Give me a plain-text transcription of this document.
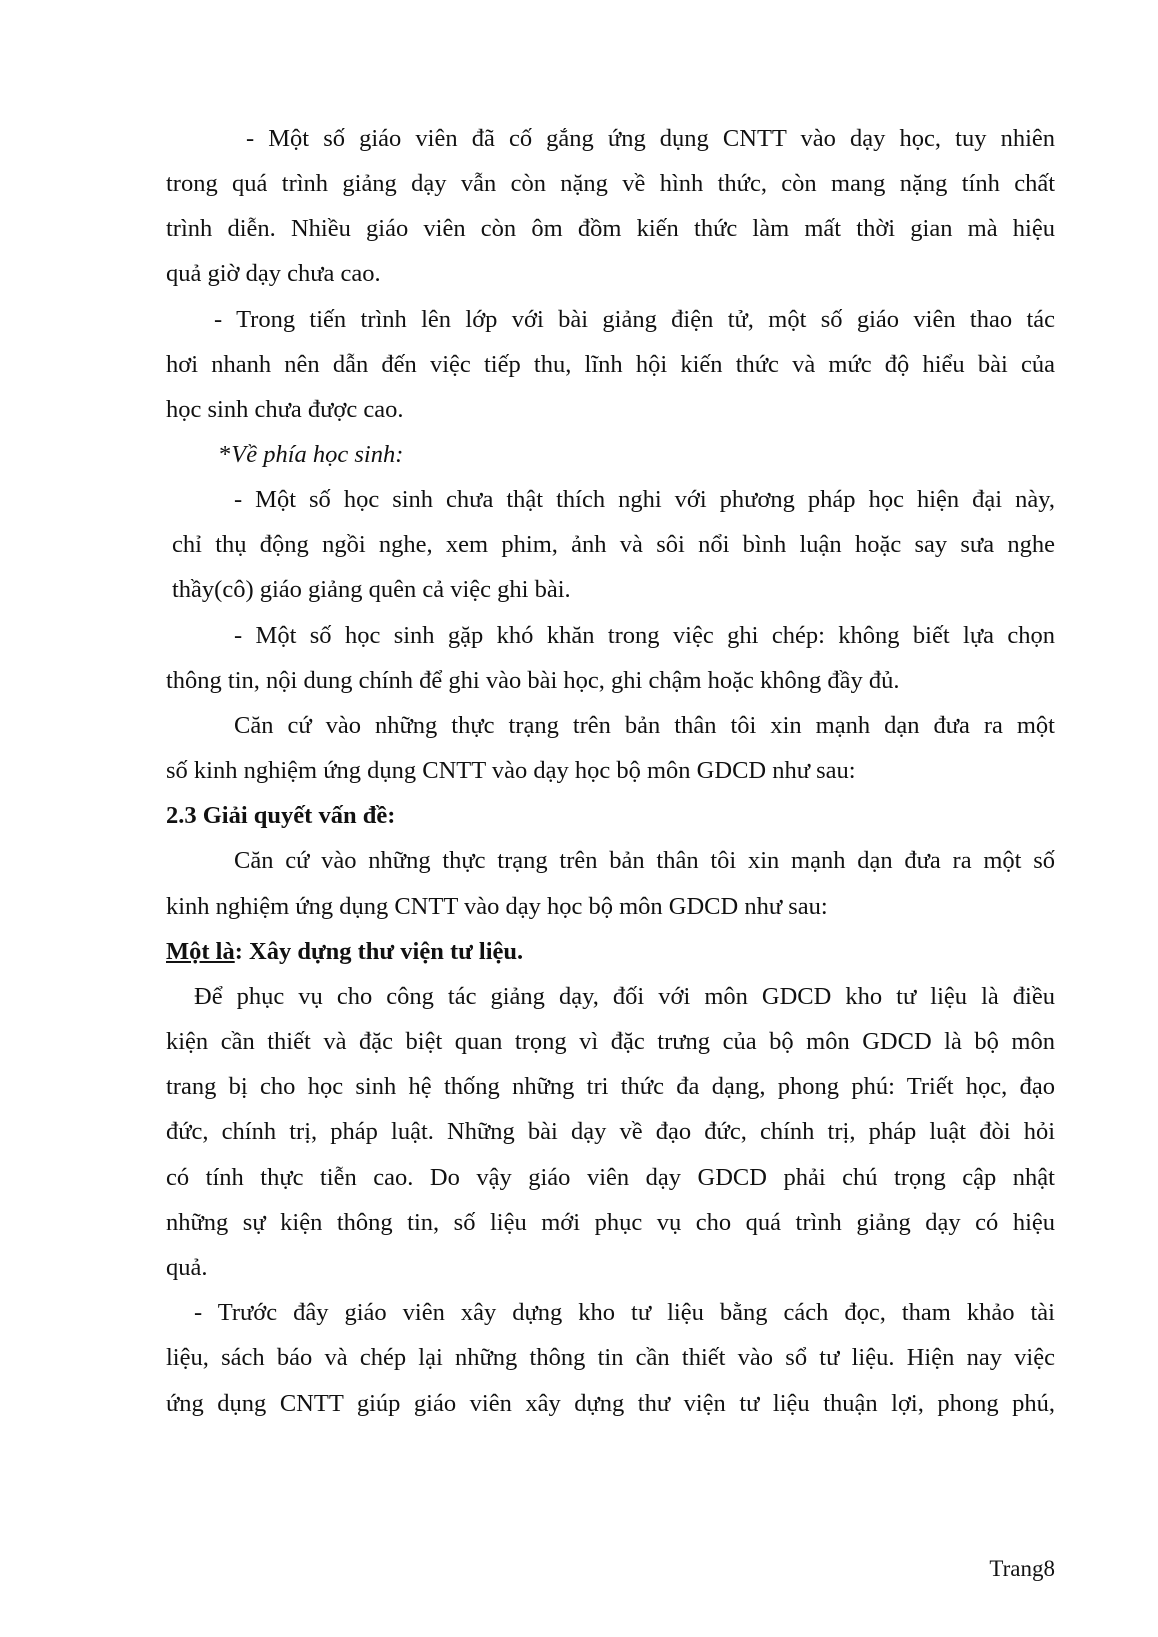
- Một số giáo viên đã cố gắng ứng dụng CNTT vào dạy học, tuy nhiên
trong quá trình giảng dạy vẫn còn nặng về hình thức, còn mang nặng tính chất
trình diễn. Nhiều giáo viên còn ôm đồm kiến thức làm mất thời gian mà hiệu
quả giờ dạy chưa cao.
- Trong tiến trình lên lớp với bài giảng điện tử, một số giáo viên thao tác
hơi nhanh nên dẫn đến việc tiếp thu, lĩnh hội kiến thức và mức độ hiểu bài của
học sinh chưa được cao.
*Về phía học sinh:
- Một số học sinh chưa thật thích nghi với phương pháp học hiện đại này,
chỉ thụ động ngồi nghe, xem phim, ảnh và sôi nổi bình luận hoặc say sưa nghe
thầy(cô) giáo giảng quên cả việc ghi bài.
- Một số học sinh gặp khó khăn trong việc ghi chép: không biết lựa chọn
thông tin, nội dung chính để ghi vào bài học, ghi chậm hoặc không đầy đủ.
Căn cứ vào những thực trạng trên bản thân tôi xin mạnh dạn đưa ra một
số kinh nghiệm ứng dụng CNTT vào dạy học bộ môn GDCD như sau:
2.3 Giải quyết vấn đề:
Căn cứ vào những thực trạng trên bản thân tôi xin mạnh dạn đưa ra một số
kinh nghiệm ứng dụng CNTT vào dạy học bộ môn GDCD như sau:
Một là: Xây dựng thư viện tư liệu.
Để phục vụ cho công tác giảng dạy, đối với môn GDCD kho tư liệu là điều
kiện cần thiết và đặc biệt quan trọng vì đặc trưng của bộ môn GDCD là bộ môn
trang bị cho học sinh hệ thống những tri thức đa dạng, phong phú: Triết học, đạo
đức, chính trị, pháp luật. Những bài dạy về đạo đức, chính trị, pháp luật đòi hỏi
có tính thực tiễn cao. Do vậy giáo viên dạy GDCD phải chú trọng cập nhật
những sự kiện thông tin, số liệu mới phục vụ cho quá trình giảng dạy có hiệu
quả.
- Trước đây giáo viên xây dựng kho tư liệu bằng cách đọc, tham khảo tài
liệu, sách báo và chép lại những thông tin cần thiết vào sổ tư liệu. Hiện nay việc
ứng dụng CNTT giúp giáo viên xây dựng thư viện tư liệu thuận lợi, phong phú,
Trang8
